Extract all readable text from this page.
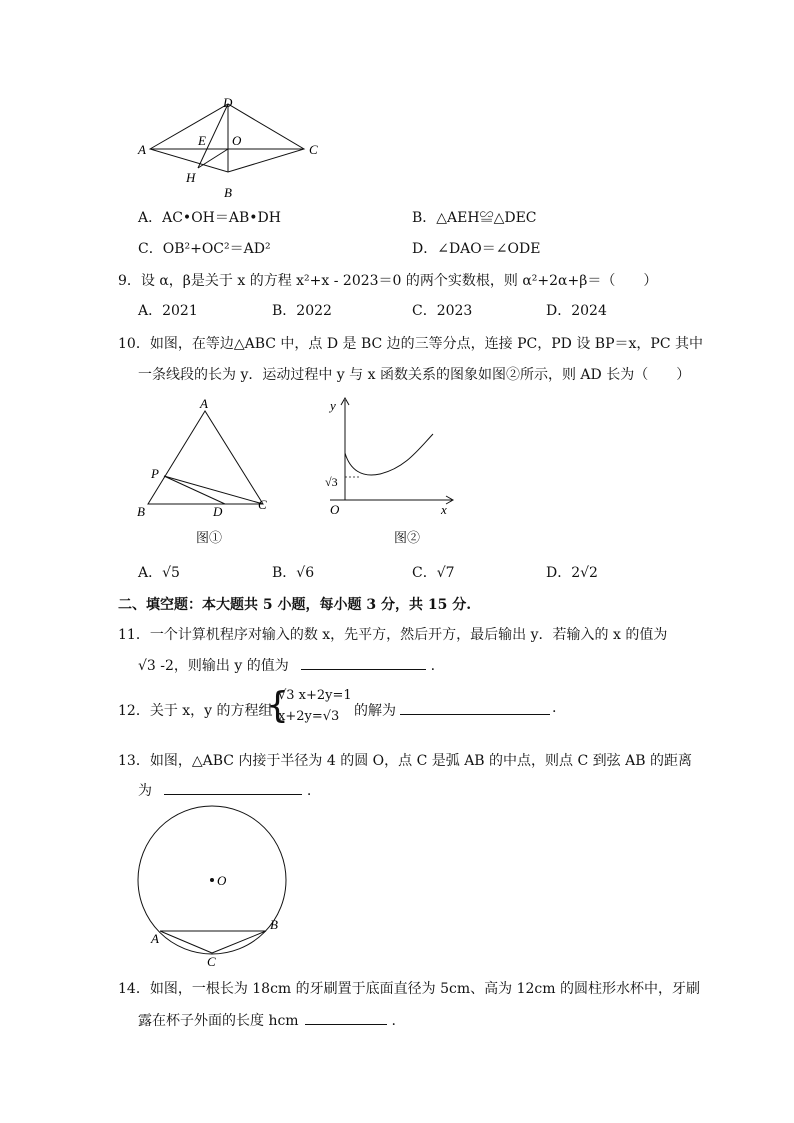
D
A
E O
C
H
B
A．AC•OH＝AB•DH	B．△AEH≌△DEC
C．OB²+OC²＝AD²	D．∠DAO＝∠ODE
9．设 α，β是关于 x 的方程 x²+x - 2023＝0 的两个实数根，则 α²+2α+β＝（　　）
A．2021	B．2022	C．2023	D．2024
10．如图，在等边△ABC 中，点 D 是 BC 边的三等分点，连接 PC，PD 设 BP＝x，PC 其中
一条线段的长为 y．运动过程中 y 与 x 函数关系的图象如图②所示，则 AD 长为（　　）
A
P
B	D	C
图①
y
√3
O	x
图②
A．√5	B．√6	C．√7	D．2√2
二、填空题：本大题共 5 小题，每小题 3 分，共 15 分.
11．一个计算机程序对输入的数 x，先平方，然后开方，最后输出 y．若输入的 x 的值为
√3 -2，则输出 y 的值为	.
12．关于 x，y 的方程组
{
√3 x+2y=1
x+2y=√3 的解为	.
13．如图，△ABC 内接于半径为 4 的圆 O，点 C 是弧 AB 的中点，则点 C 到弦 AB 的距离
为	.
O
A
B
C
14．如图，一根长为 18cm 的牙刷置于底面直径为 5cm、高为 12cm 的圆柱形水杯中，牙刷
露在杯子外面的长度 hcm	.
